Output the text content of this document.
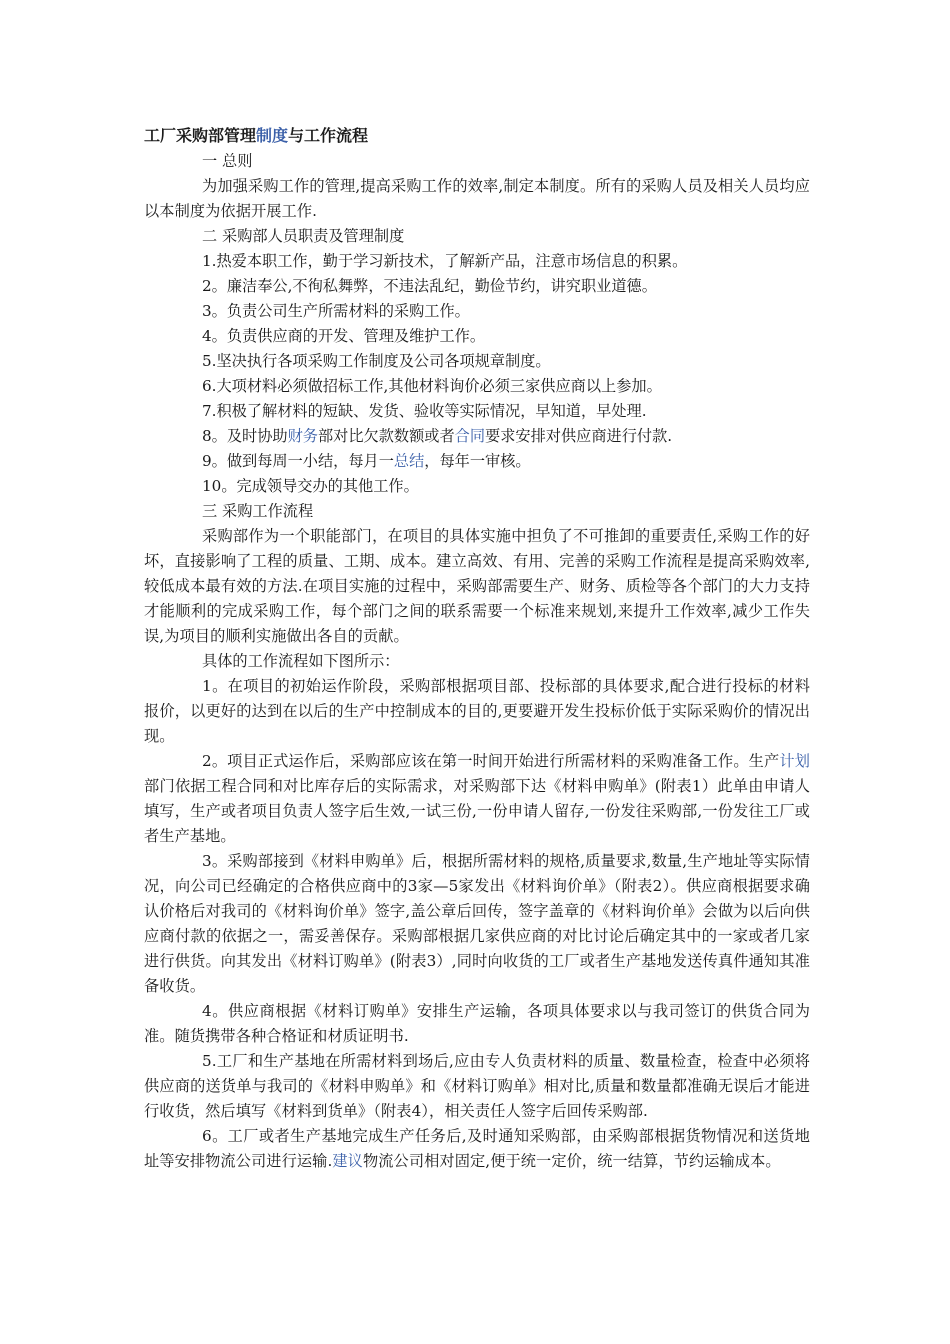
工厂采购部管理制度与工作流程

一 总则

为加强采购工作的管理,提高采购工作的效率,制定本制度。所有的采购人员及相关人员均应以本制度为依据开展工作.

二 采购部人员职责及管理制度

1.热爱本职工作，勤于学习新技术，了解新产品，注意市场信息的积累。

2。廉洁奉公,不徇私舞弊，不违法乱纪，勤俭节约，讲究职业道德。

3。负责公司生产所需材料的采购工作。

4。负责供应商的开发、管理及维护工作。

5.坚决执行各项采购工作制度及公司各项规章制度。

6.大项材料必须做招标工作,其他材料询价必须三家供应商以上参加。

7.积极了解材料的短缺、发货、验收等实际情况，早知道，早处理.

8。及时协助财务部对比欠款数额或者合同要求安排对供应商进行付款.

9。做到每周一小结，每月一总结，每年一审核。

10。完成领导交办的其他工作。

三 采购工作流程

采购部作为一个职能部门，在项目的具体实施中担负了不可推卸的重要责任,采购工作的好坏，直接影响了工程的质量、工期、成本。建立高效、有用、完善的采购工作流程是提高采购效率,较低成本最有效的方法.在项目实施的过程中，采购部需要生产、财务、质检等各个部门的大力支持才能顺利的完成采购工作，每个部门之间的联系需要一个标准来规划,来提升工作效率,减少工作失误,为项目的顺利实施做出各自的贡献。

具体的工作流程如下图所示：

1。在项目的初始运作阶段，采购部根据项目部、投标部的具体要求,配合进行投标的材料报价，以更好的达到在以后的生产中控制成本的目的,更要避开发生投标价低于实际采购价的情况出现。

2。项目正式运作后，采购部应该在第一时间开始进行所需材料的采购准备工作。生产计划部门依据工程合同和对比库存后的实际需求，对采购部下达《材料申购单》(附表1）此单由申请人填写，生产或者项目负责人签字后生效,一试三份,一份申请人留存,一份发往采购部,一份发往工厂或者生产基地。

3。采购部接到《材料申购单》后，根据所需材料的规格,质量要求,数量,生产地址等实际情况，向公司已经确定的合格供应商中的3家—5家发出《材料询价单》（附表2）。供应商根据要求确认价格后对我司的《材料询价单》签字,盖公章后回传，签字盖章的《材料询价单》会做为以后向供应商付款的依据之一，需妥善保存。采购部根据几家供应商的对比讨论后确定其中的一家或者几家进行供货。向其发出《材料订购单》(附表3）,同时向收货的工厂或者生产基地发送传真件通知其准备收货。

4。供应商根据《材料订购单》安排生产运输，各项具体要求以与我司签订的供货合同为准。随货携带各种合格证和材质证明书.

5.工厂和生产基地在所需材料到场后,应由专人负责材料的质量、数量检查，检查中必须将供应商的送货单与我司的《材料申购单》和《材料订购单》相对比,质量和数量都准确无误后才能进行收货，然后填写《材料到货单》（附表4），相关责任人签字后回传采购部.

6。工厂或者生产基地完成生产任务后,及时通知采购部，由采购部根据货物情况和送货地址等安排物流公司进行运输.建议物流公司相对固定,便于统一定价，统一结算，节约运输成本。
